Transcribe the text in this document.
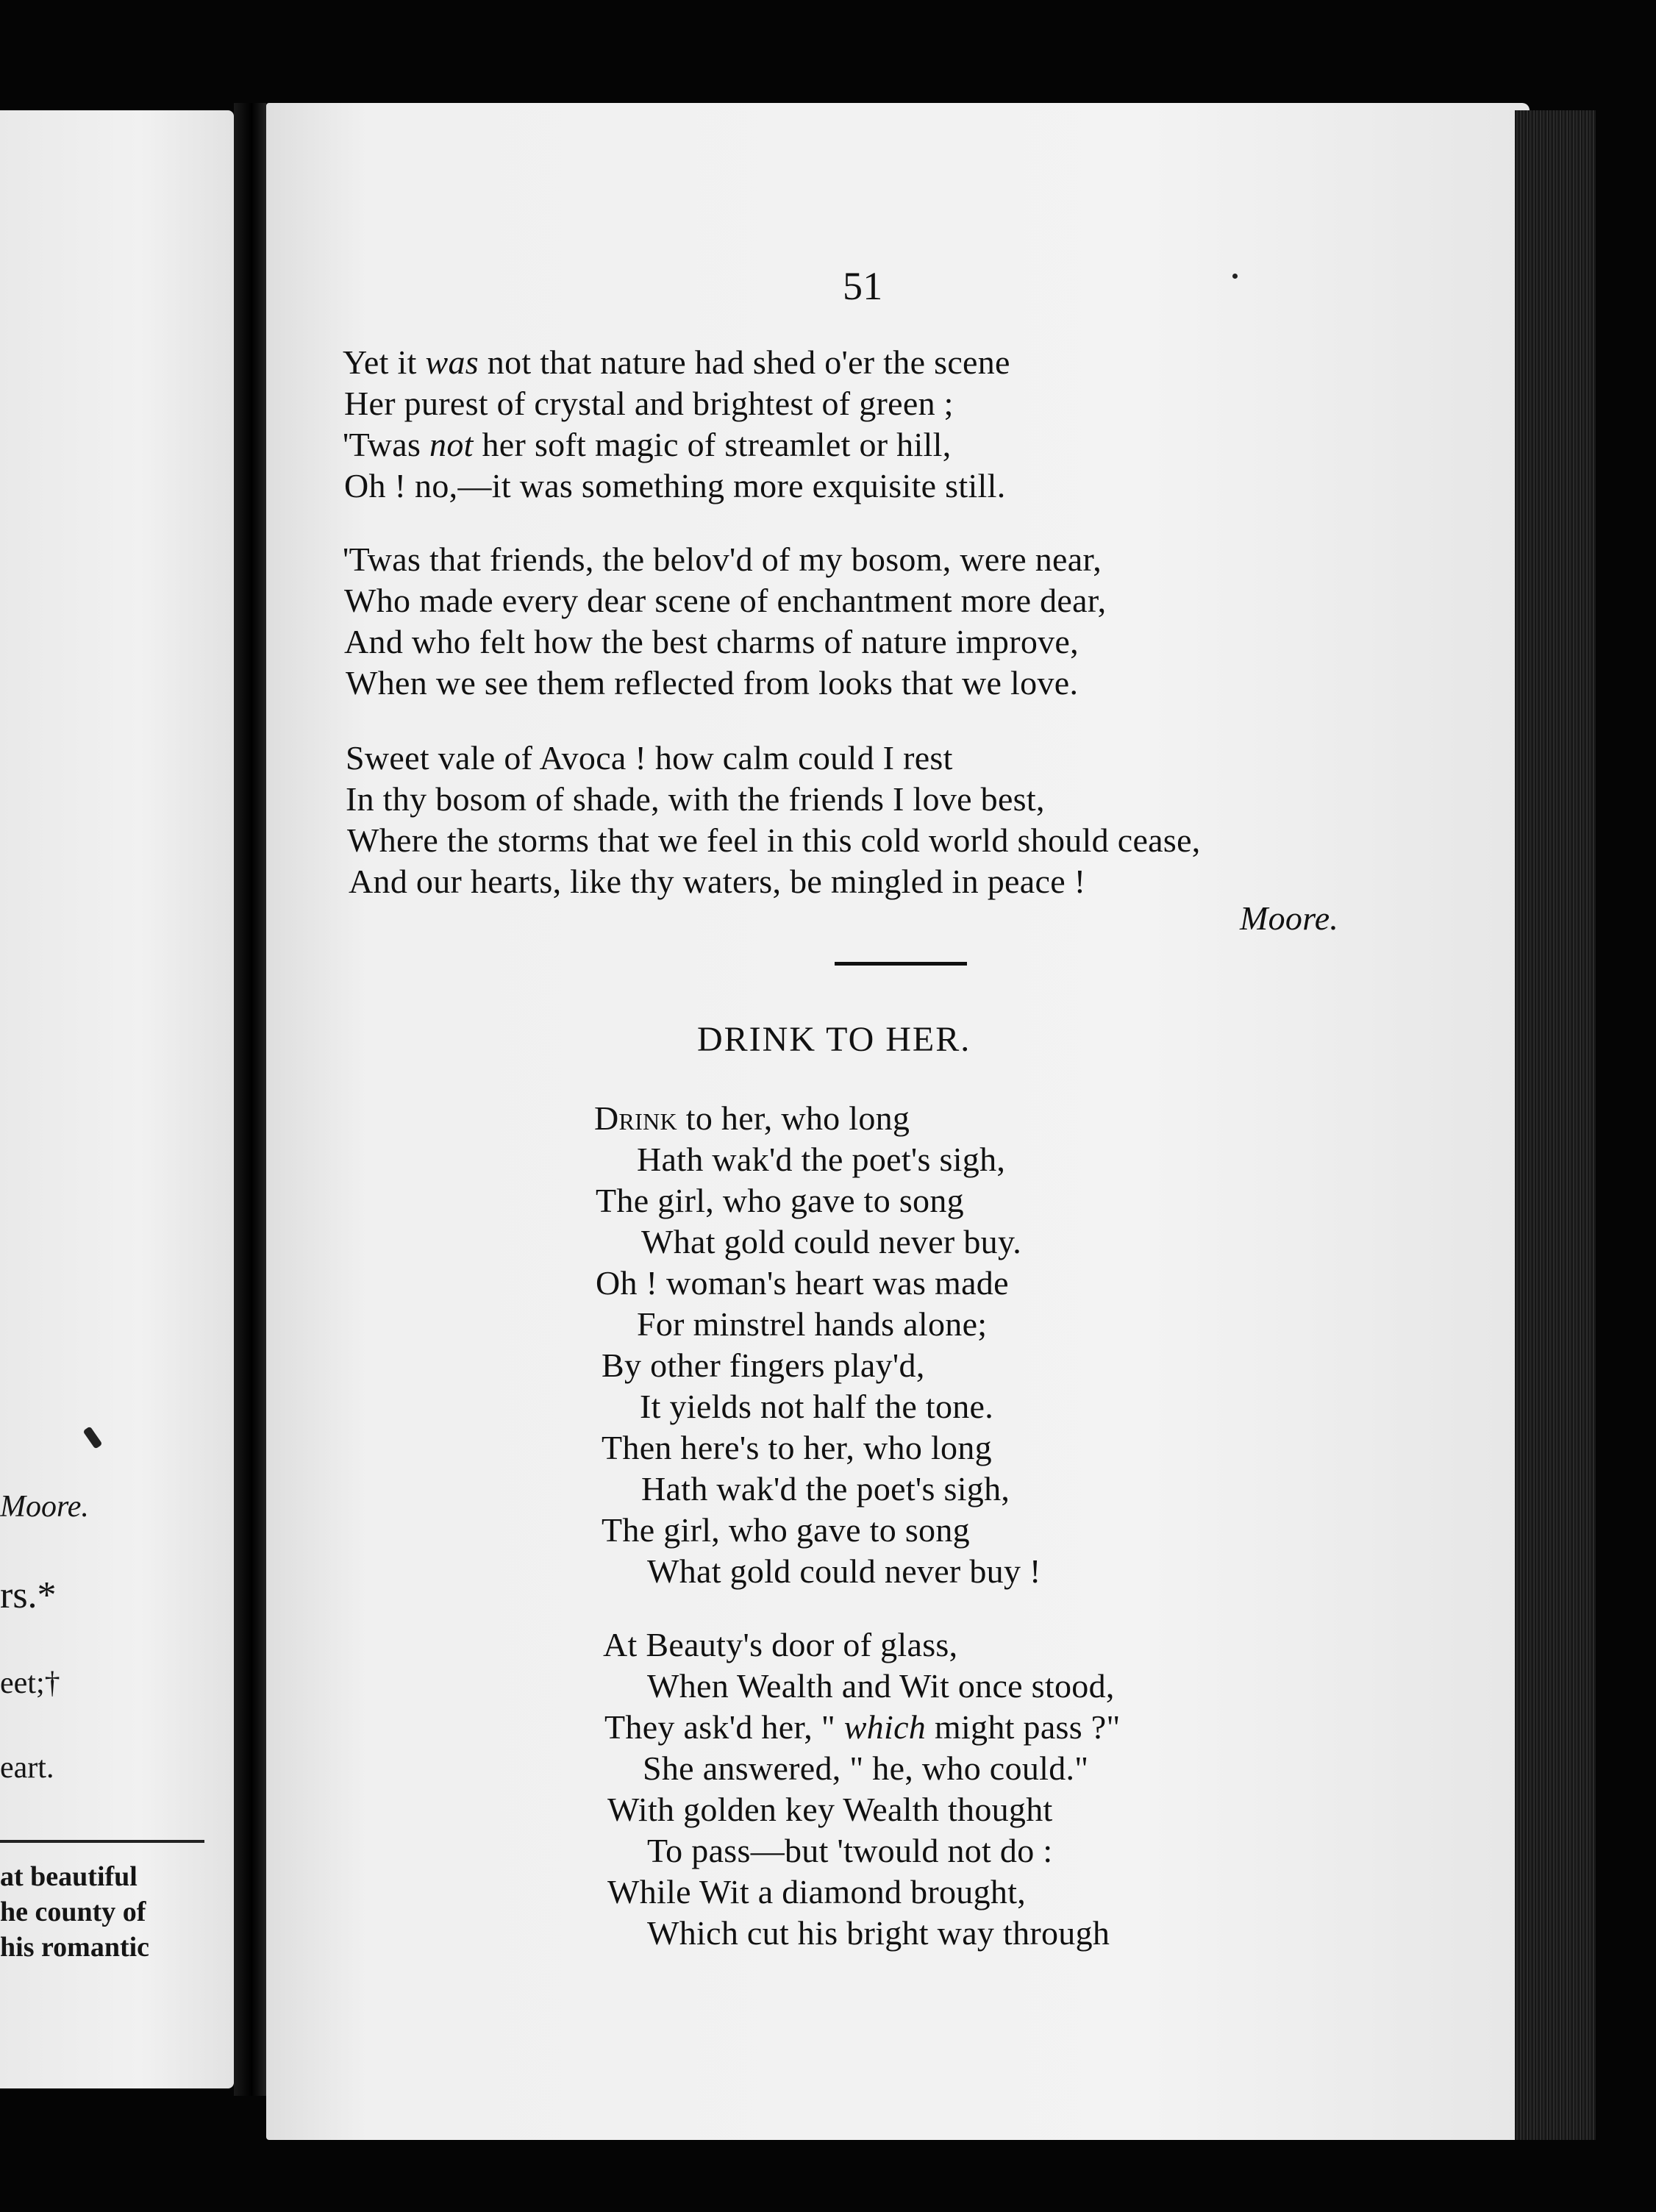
Moore.
rs.*
eet;†
eart.
at beautiful
he county of
his romantic
51
Yet it was not that nature had shed o'er the scene
Her purest of crystal and brightest of green ;
'Twas not her soft magic of streamlet or hill,
Oh ! no,—it was something more exquisite still.
'Twas that friends, the belov'd of my bosom, were near,
Who made every dear scene of enchantment more dear,
And who felt how the best charms of nature improve,
When we see them reflected from looks that we love.
Sweet vale of Avoca ! how calm could I rest
In thy bosom of shade, with the friends I love best,
Where the storms that we feel in this cold world should cease,
And our hearts, like thy waters, be mingled in peace !
Moore.
DRINK TO HER.
Drink to her, who long
Hath wak'd the poet's sigh,
The girl, who gave to song
What gold could never buy.
Oh ! woman's heart was made
For minstrel hands alone;
By other fingers play'd,
It yields not half the tone.
Then here's to her, who long
Hath wak'd the poet's sigh,
The girl, who gave to song
What gold could never buy !
At Beauty's door of glass,
When Wealth and Wit once stood,
They ask'd her, " which might pass ?"
She answered, " he, who could."
With golden key Wealth thought
To pass—but 'twould not do :
While Wit a diamond brought,
Which cut his bright way through
